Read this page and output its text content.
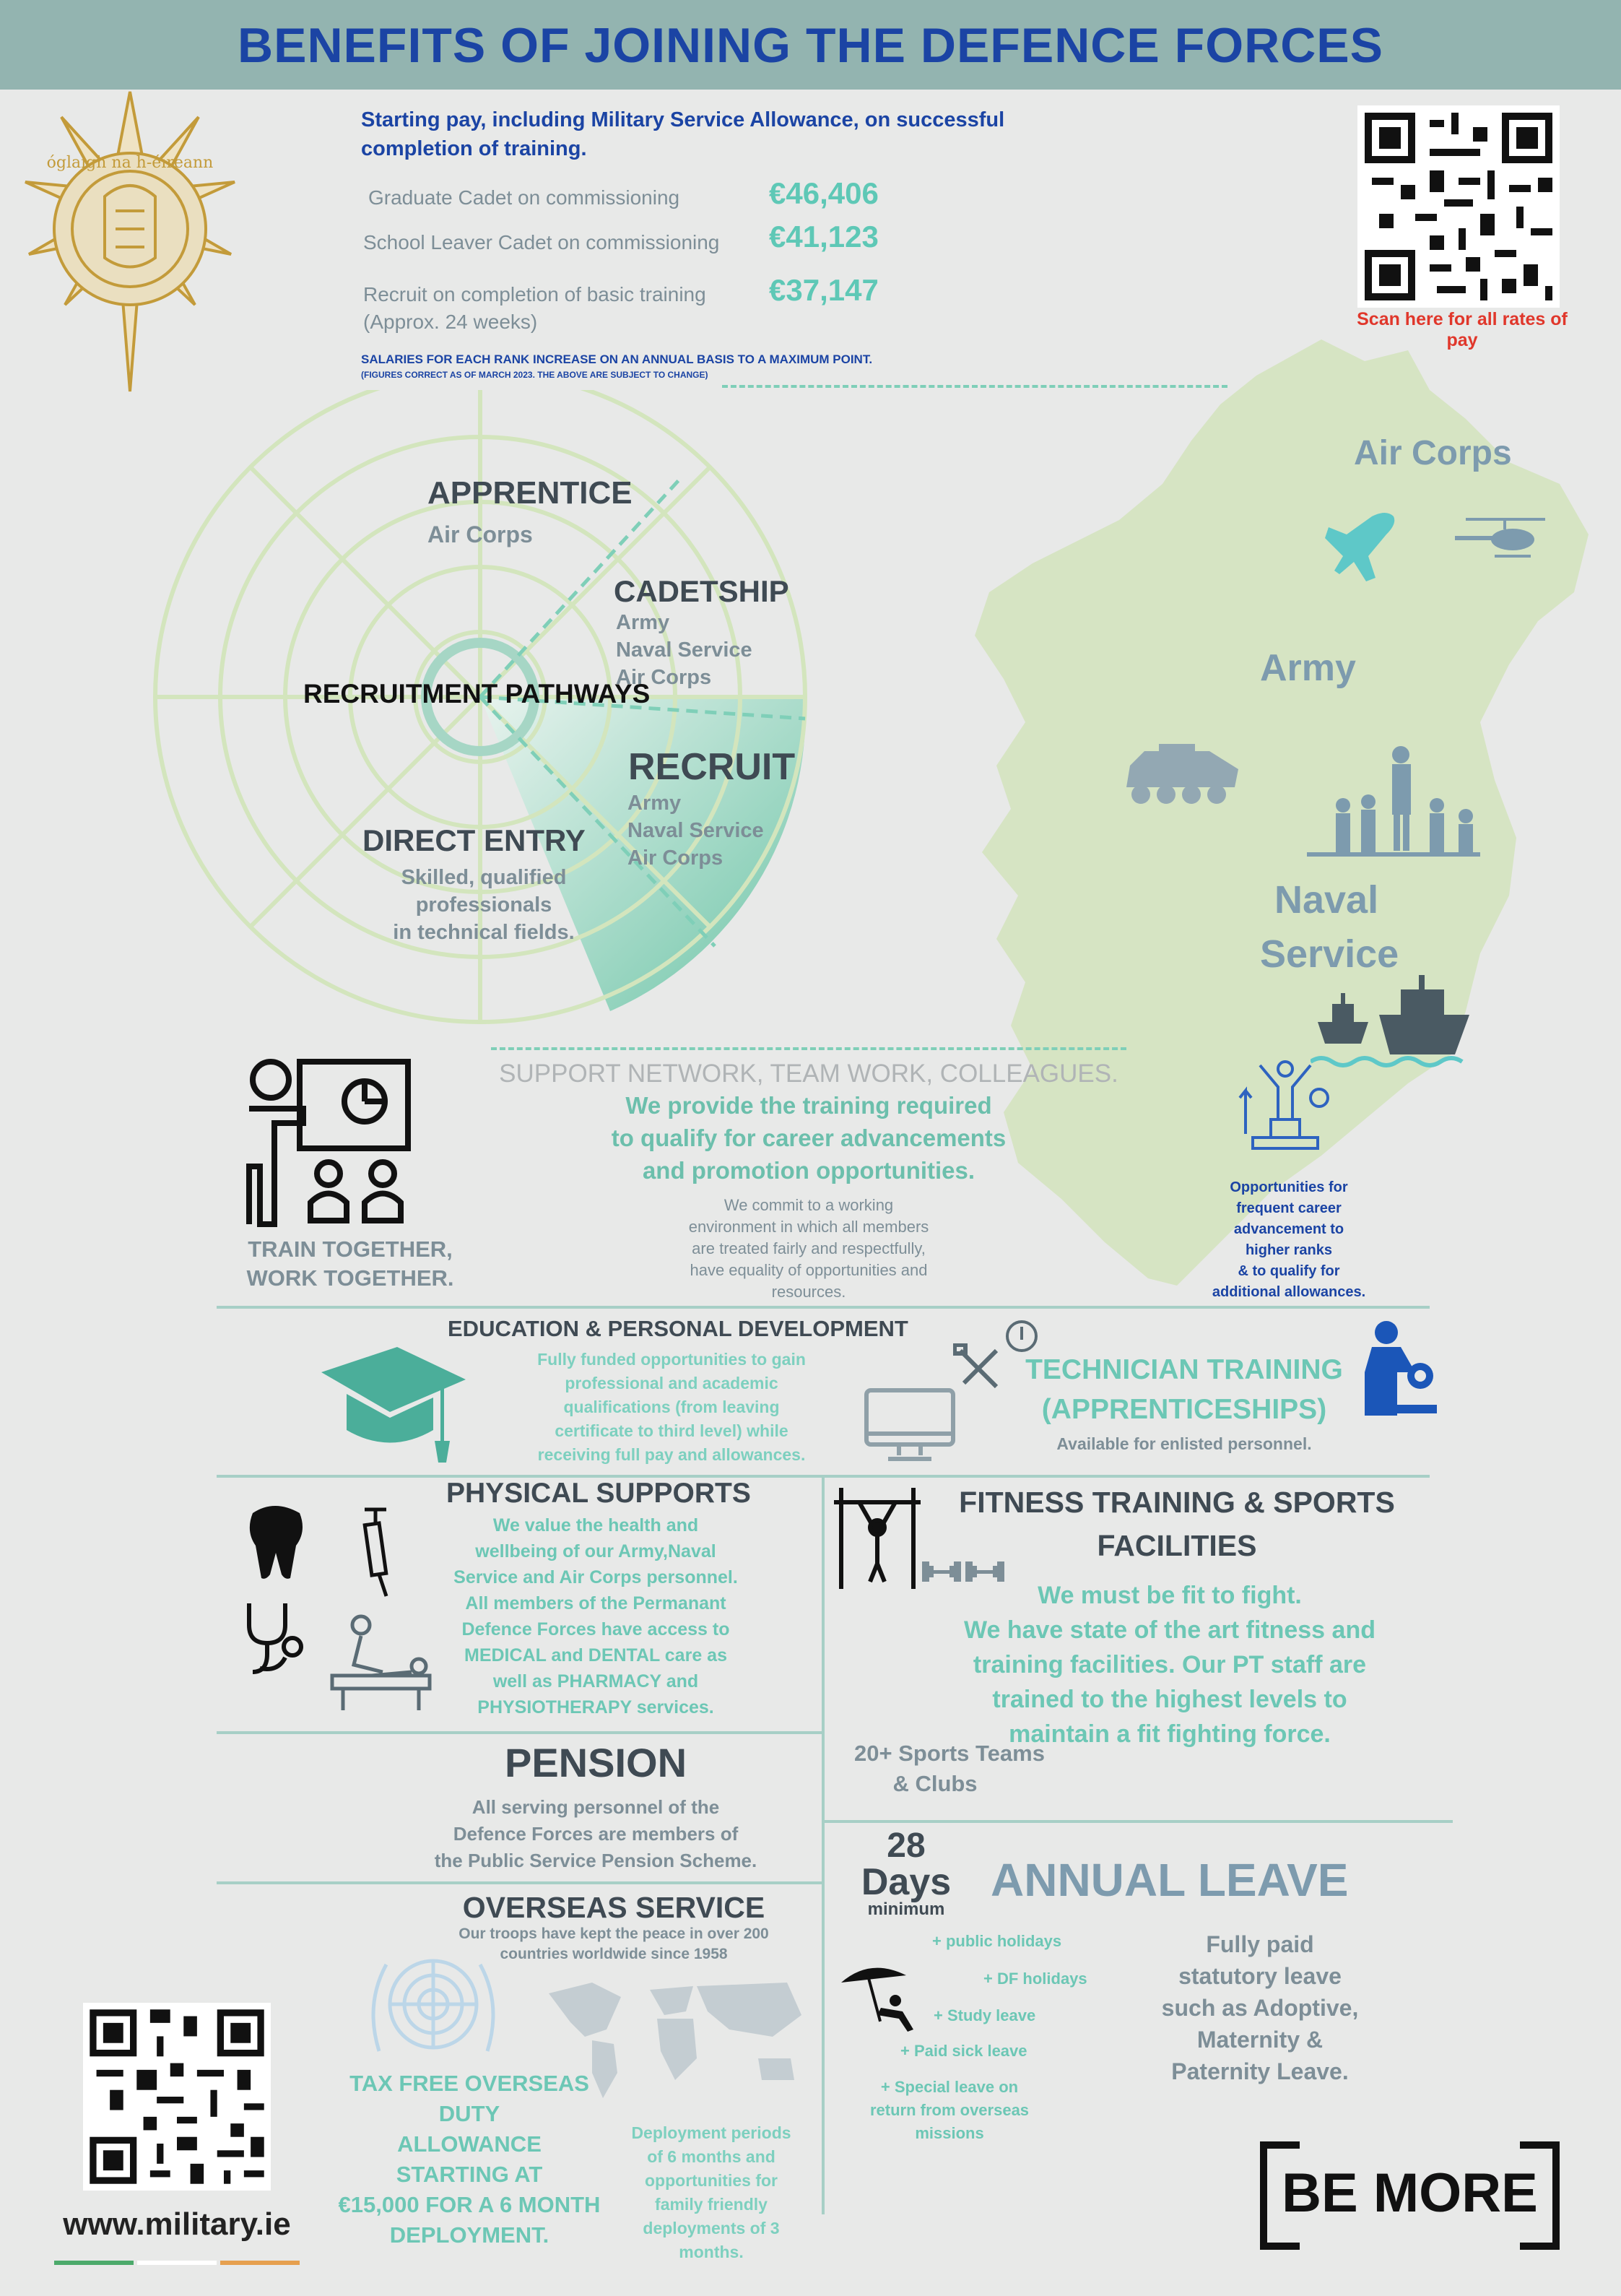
BENEFITS OF JOINING THE DEFENCE FORCES
óglaigh na h-éireann
Starting pay, including Military Service Allowance, on successful completion of training.
Graduate Cadet on commissioning	€46,406
School Leaver Cadet on commissioning €41,123
Recruit on completion of basic training
(Approx. 24 weeks)
€37,147
SALARIES FOR EACH RANK INCREASE ON AN ANNUAL BASIS TO A MAXIMUM POINT.
(FIGURES CORRECT AS OF MARCH 2023. THE ABOVE ARE SUBJECT TO CHANGE)
Scan here for all rates of pay
Air Corps
Army
Naval
Service
APPRENTICE
Air Corps
CADETSHIP
Army
Naval Service
Air Corps
RECRUITMENT PATHWAYS
RECRUIT
Army
Naval Service
Air Corps
DIRECT ENTRY
Skilled, qualified
professionals
in technical fields.
TRAIN TOGETHER,
WORK TOGETHER.
SUPPORT NETWORK, TEAM WORK, COLLEAGUES.
We provide the training required
to qualify for career advancements
and promotion opportunities.
We commit to a working
environment in which all members
are treated fairly and respectfully,
have equality of opportunities and
resources.
Opportunities for
frequent career
advancement to
higher ranks
& to qualify for
additional allowances.
EDUCATION & PERSONAL DEVELOPMENT
Fully funded opportunities to gain
professional and academic
qualifications (from leaving
certificate to third level) while
receiving full pay and allowances.
TECHNICIAN TRAINING
(APPRENTICESHIPS)
Available for enlisted personnel.
PHYSICAL SUPPORTS
We value the health and
wellbeing of our Army,Naval
Service and Air Corps personnel.
All members of the Permanant
Defence Forces have access to
MEDICAL and DENTAL care as
well as PHARMACY and
PHYSIOTHERAPY services.
FITNESS TRAINING & SPORTS
FACILITIES
We must be fit to fight.
We have state of the art fitness and
training facilities. Our PT staff are
trained to the highest levels to
maintain a fit fighting force.
20+ Sports Teams
& Clubs
PENSION
All serving personnel of the
Defence Forces are members of
the Public Service Pension Scheme.
OVERSEAS SERVICE
Our troops have kept the peace in over 200
countries worldwide since 1958
TAX FREE OVERSEAS DUTY
ALLOWANCE
STARTING AT
€15,000 FOR A 6 MONTH
DEPLOYMENT.
Deployment periods
of 6 months and
opportunities for
family friendly
deployments of 3
months.
28
Days
minimum
ANNUAL LEAVE
+ public holidays
+ DF holidays
+ Study leave
+ Paid sick leave
+ Special leave on
return from overseas
missions
Fully paid
statutory leave
such as Adoptive,
Maternity &
Paternity Leave.
www.military.ie
BE MORE
